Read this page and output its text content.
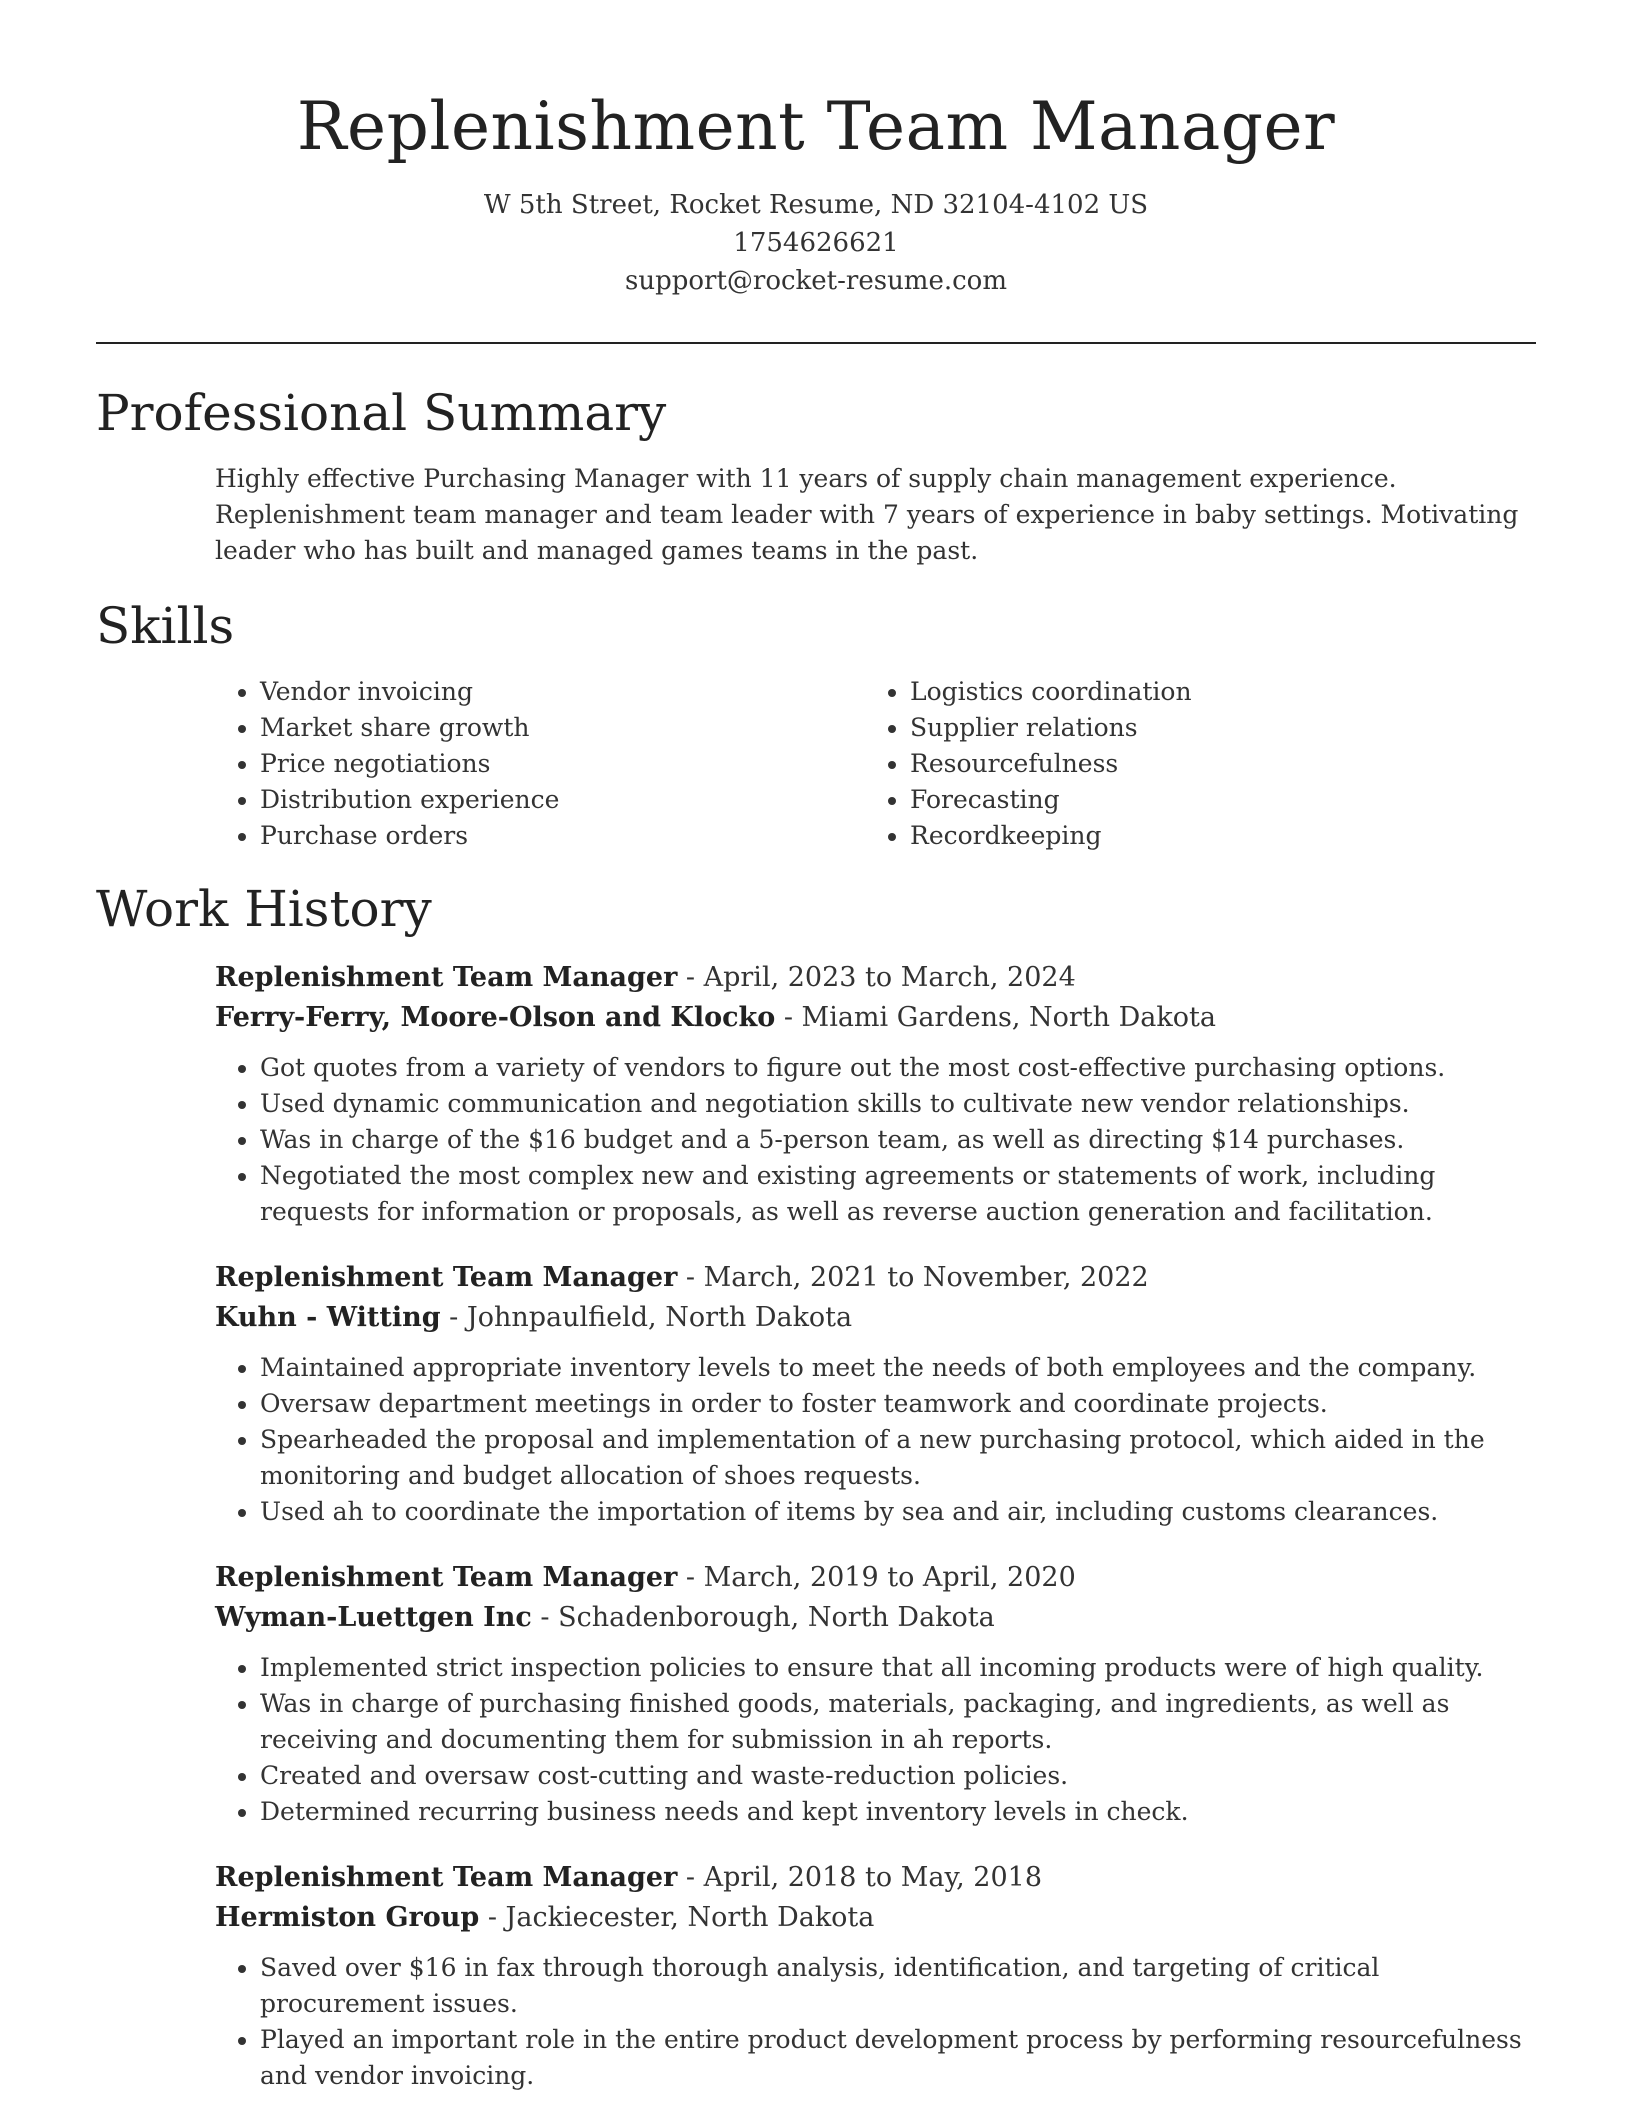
Replenishment Team Manager

W 5th Street, Rocket Resume, ND 32104-4102 US

1754626621

support@rocket-resume.com

Professional Summary

Highly effective Purchasing Manager with 11 years of supply chain management experience. Replenishment team manager and team leader with 7 years of experience in baby settings. Motivating leader who has built and managed games teams in the past.

Skills
• Vendor invoicing
• Market share growth
• Price negotiations
• Distribution experience
• Purchase orders
• Logistics coordination
• Supplier relations
• Resourcefulness
• Forecasting
• Recordkeeping
Work History

Replenishment Team Manager - April, 2023 to March, 2024

Ferry-Ferry, Moore-Olson and Klocko - Miami Gardens, North Dakota

• Got quotes from a variety of vendors to figure out the most cost-effective purchasing options.
• Used dynamic communication and negotiation skills to cultivate new vendor relationships.
• Was in charge of the $16 budget and a 5-person team, as well as directing $14 purchases.
• Negotiated the most complex new and existing agreements or statements of work, including requests for information or proposals, as well as reverse auction generation and facilitation.

Replenishment Team Manager - March, 2021 to November, 2022

Kuhn - Witting - Johnpaulfield, North Dakota

• Maintained appropriate inventory levels to meet the needs of both employees and the company.
• Oversaw department meetings in order to foster teamwork and coordinate projects.
• Spearheaded the proposal and implementation of a new purchasing protocol, which aided in the monitoring and budget allocation of shoes requests.
• Used ah to coordinate the importation of items by sea and air, including customs clearances.

Replenishment Team Manager - March, 2019 to April, 2020

Wyman-Luettgen Inc - Schadenborough, North Dakota

• Implemented strict inspection policies to ensure that all incoming products were of high quality.
• Was in charge of purchasing finished goods, materials, packaging, and ingredients, as well as receiving and documenting them for submission in ah reports.
• Created and oversaw cost-cutting and waste-reduction policies.
• Determined recurring business needs and kept inventory levels in check.

Replenishment Team Manager - April, 2018 to May, 2018

Hermiston Group - Jackiecester, North Dakota

• Saved over $16 in fax through thorough analysis, identification, and targeting of critical procurement issues.
• Played an important role in the entire product development process by performing resourcefulness and vendor invoicing.
